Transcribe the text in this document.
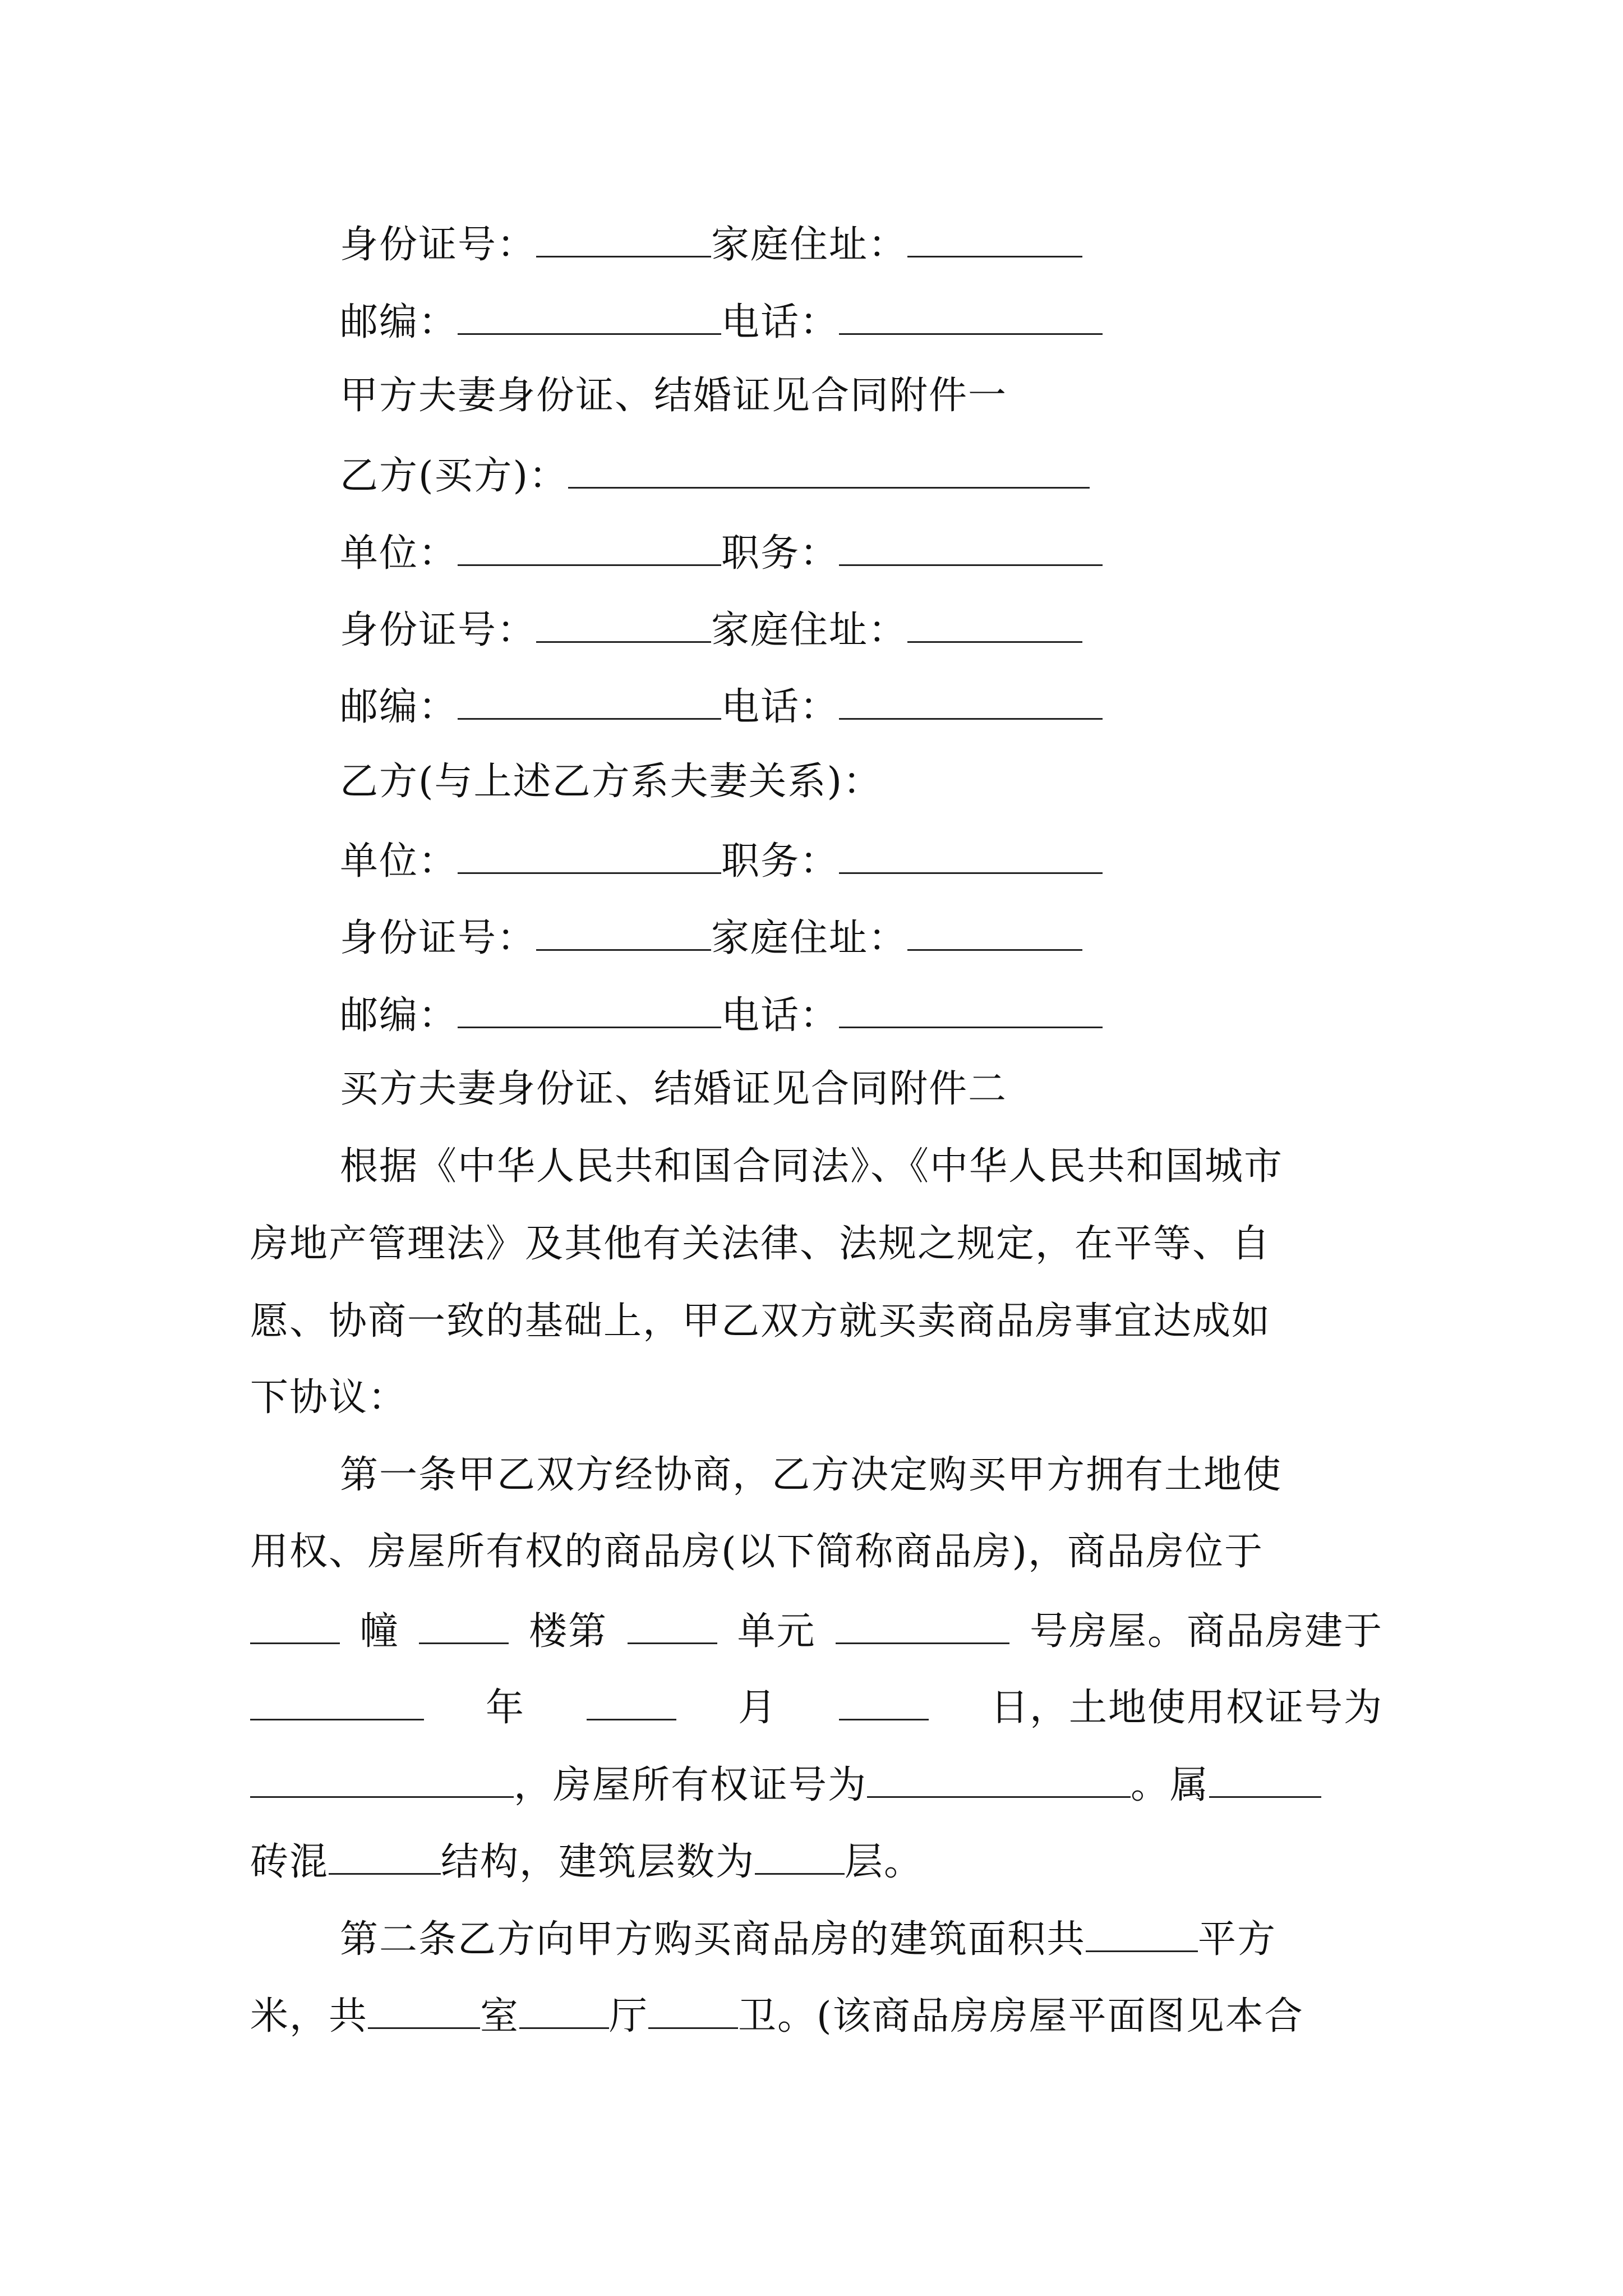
身份证号：	家庭住址：
邮编：	电话：
甲方夫妻身份证、结婚证见合同附件一
乙方(买方)：
单位：	职务：
身份证号：	家庭住址：
邮编：	电话：
乙方(与上述乙方系夫妻关系)：
单位：	职务：
身份证号：	家庭住址：
邮编：	电话：
买方夫妻身份证、结婚证见合同附件二
根据《中华人民共和国合同法》、《中华人民共和国城市
房地产管理法》及其他有关法律、法规之规定，在平等、自
愿、协商一致的基础上，甲乙双方就买卖商品房事宜达成如
下协议：
第一条甲乙双方经协商，乙方决定购买甲方拥有土地使
用权、房屋所有权的商品房(以下简称商品房)，商品房位于
幢	楼第	单元	号房屋。商品房建于
年	月	日，土地使用权证号为
，房屋所有权证号为	。属
砖混	结构，建筑层数为 层。
第二条乙方向甲方购买商品房的建筑面积共	平方
米，共	室 厅 卫。(该商品房房屋平面图见本合
